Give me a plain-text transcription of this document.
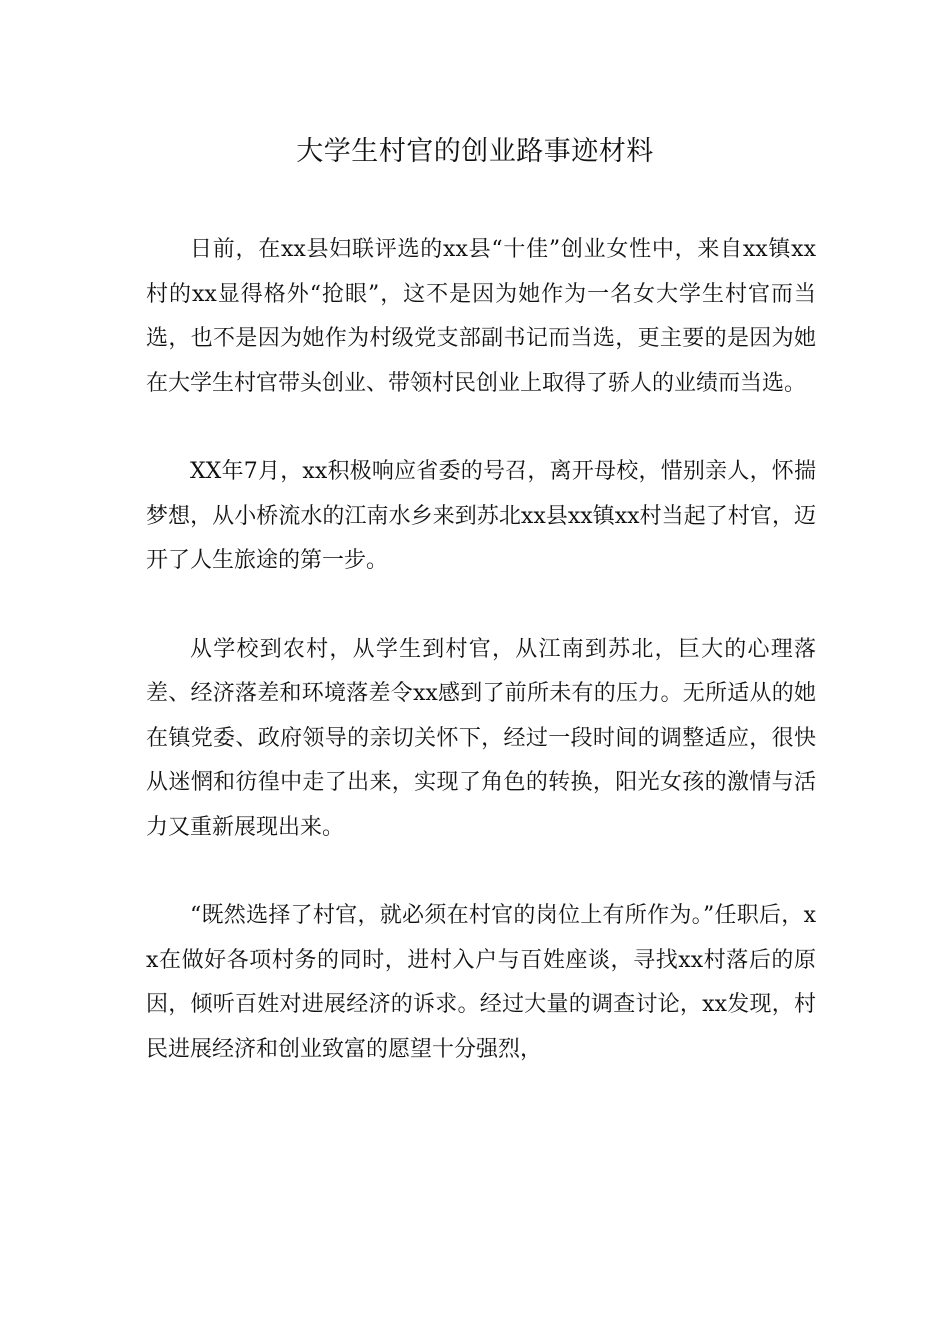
大学生村官的创业路事迹材料

日前，在xx县妇联评选的xx县“十佳”创业女性中，来自xx镇xx村的xx显得格外“抢眼”，这不是因为她作为一名女大学生村官而当选，也不是因为她作为村级党支部副书记而当选，更主要的是因为她在大学生村官带头创业、带领村民创业上取得了骄人的业绩而当选。

XX年7月，xx积极响应省委的号召，离开母校，惜别亲人，怀揣梦想，从小桥流水的江南水乡来到苏北xx县xx镇xx村当起了村官，迈开了人生旅途的第一步。

从学校到农村，从学生到村官，从江南到苏北，巨大的心理落差、经济落差和环境落差令xx感到了前所未有的压力。无所适从的她在镇党委、政府领导的亲切关怀下，经过一段时间的调整适应，很快从迷惘和彷徨中走了出来，实现了角色的转换，阳光女孩的激情与活力又重新展现出来。

“既然选择了村官，就必须在村官的岗位上有所作为。”任职后，xx在做好各项村务的同时，进村入户与百姓座谈，寻找xx村落后的原因，倾听百姓对进展经济的诉求。经过大量的调查讨论，xx发现，村民进展经济和创业致富的愿望十分强烈，
